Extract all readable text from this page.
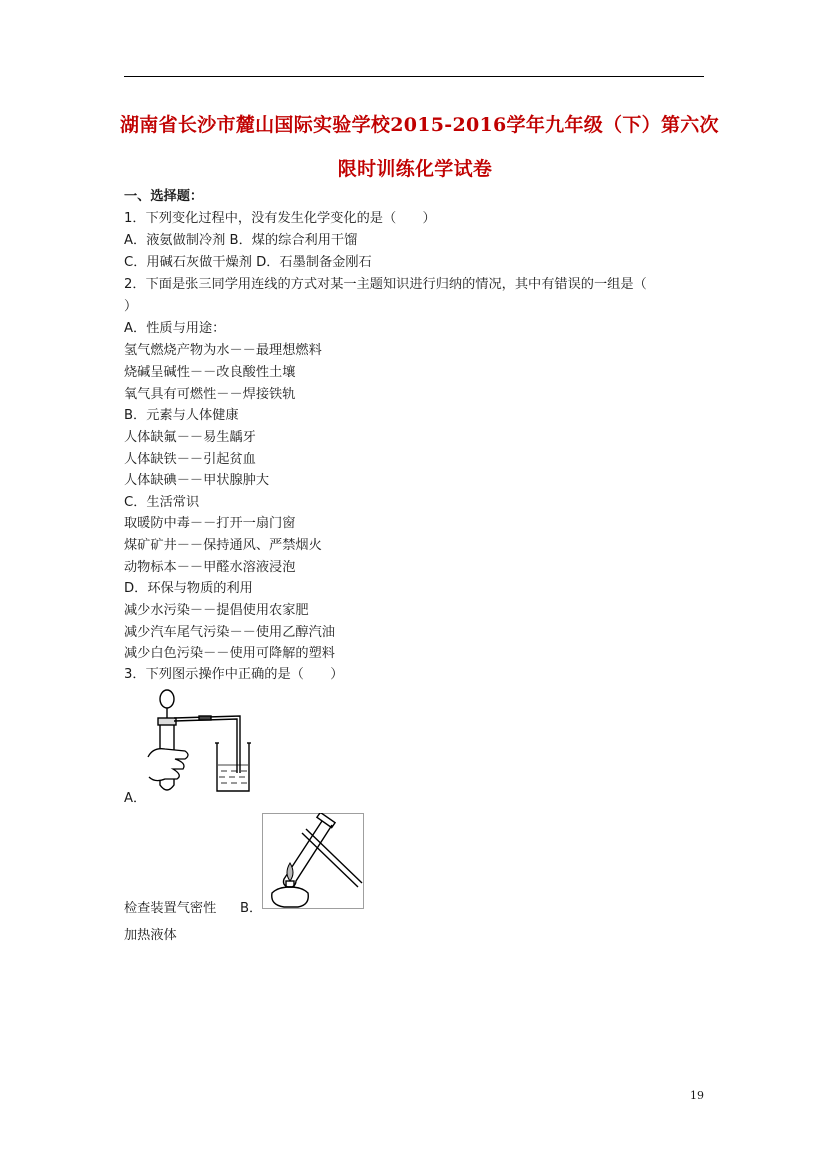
湖南省长沙市麓山国际实验学校2015-2016学年九年级（下）第六次
限时训练化学试卷
一、选择题：
1．下列变化过程中，没有发生化学变化的是（　　）
A．液氨做制冷剂 B．煤的综合利用干馏
C．用碱石灰做干燥剂 D．石墨制备金刚石
2．下面是张三同学用连线的方式对某一主题知识进行归纳的情况，其中有错误的一组是（
）
A．性质与用途：
氢气燃烧产物为水－－最理想燃料
烧碱呈碱性－－改良酸性土壤
氧气具有可燃性－－焊接铁轨
B．元素与人体健康
人体缺氟－－易生龋牙
人体缺铁－－引起贫血
人体缺碘－－甲状腺肿大
C．生活常识
取暖防中毒－－打开一扇门窗
煤矿矿井－－保持通风、严禁烟火
动物标本－－甲醛水溶液浸泡
D．环保与物质的利用
减少水污染－－提倡使用农家肥
减少汽车尾气污染－－使用乙醇汽油
减少白色污染－－使用可降解的塑料
3．下列图示操作中正确的是（　　）
A．
检查装置气密性 B．
加热液体
19
